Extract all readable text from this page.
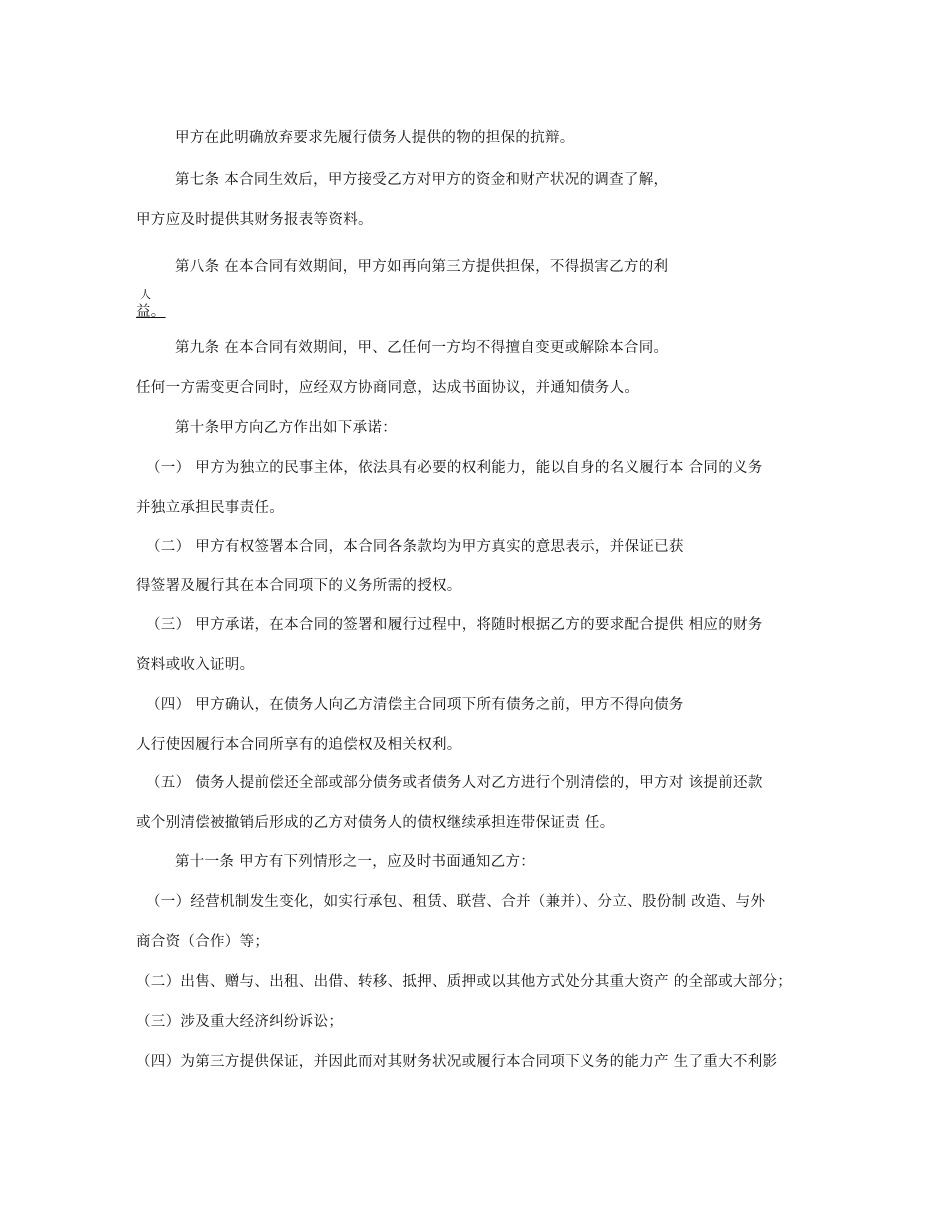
甲方在此明确放弃要求先履行债务人提供的物的担保的抗辩。
第七条 本合同生效后，甲方接受乙方对甲方的资金和财产状况的调查了解，
甲方应及时提供其财务报表等资料。
第八条 在本合同有效期间，甲方如再向第三方提供担保，不得损害乙方的利
人
益。
第九条 在本合同有效期间，甲、乙任何一方均不得擅自变更或解除本合同。
任何一方需变更合同时，应经双方协商同意，达成书面协议，并通知债务人。
第十条甲方向乙方作出如下承诺：
（一） 甲方为独立的民事主体，依法具有必要的权利能力，能以自身的名义履行本 合同的义务
并独立承担民事责任。
（二） 甲方有权签署本合同，本合同各条款均为甲方真实的意思表示，并保证已获
得签署及履行其在本合同项下的义务所需的授权。
（三） 甲方承诺，在本合同的签署和履行过程中，将随时根据乙方的要求配合提供 相应的财务
资料或收入证明。
（四） 甲方确认，在债务人向乙方清偿主合同项下所有债务之前，甲方不得向债务
人行使因履行本合同所享有的追偿权及相关权利。
（五） 债务人提前偿还全部或部分债务或者债务人对乙方进行个别清偿的，甲方对 该提前还款
或个别清偿被撤销后形成的乙方对债务人的债权继续承担连带保证责 任。
第十一条 甲方有下列情形之一，应及时书面通知乙方：
（一）经营机制发生变化，如实行承包、租赁、联营、合并（兼并）、分立、股份制 改造、与外
商合资（合作）等；
（二）出售、赠与、出租、出借、转移、抵押、质押或以其他方式处分其重大资产 的全部或大部分；
（三）涉及重大经济纠纷诉讼；
（四）为第三方提供保证，并因此而对其财务状况或履行本合同项下义务的能力产 生了重大不利影
